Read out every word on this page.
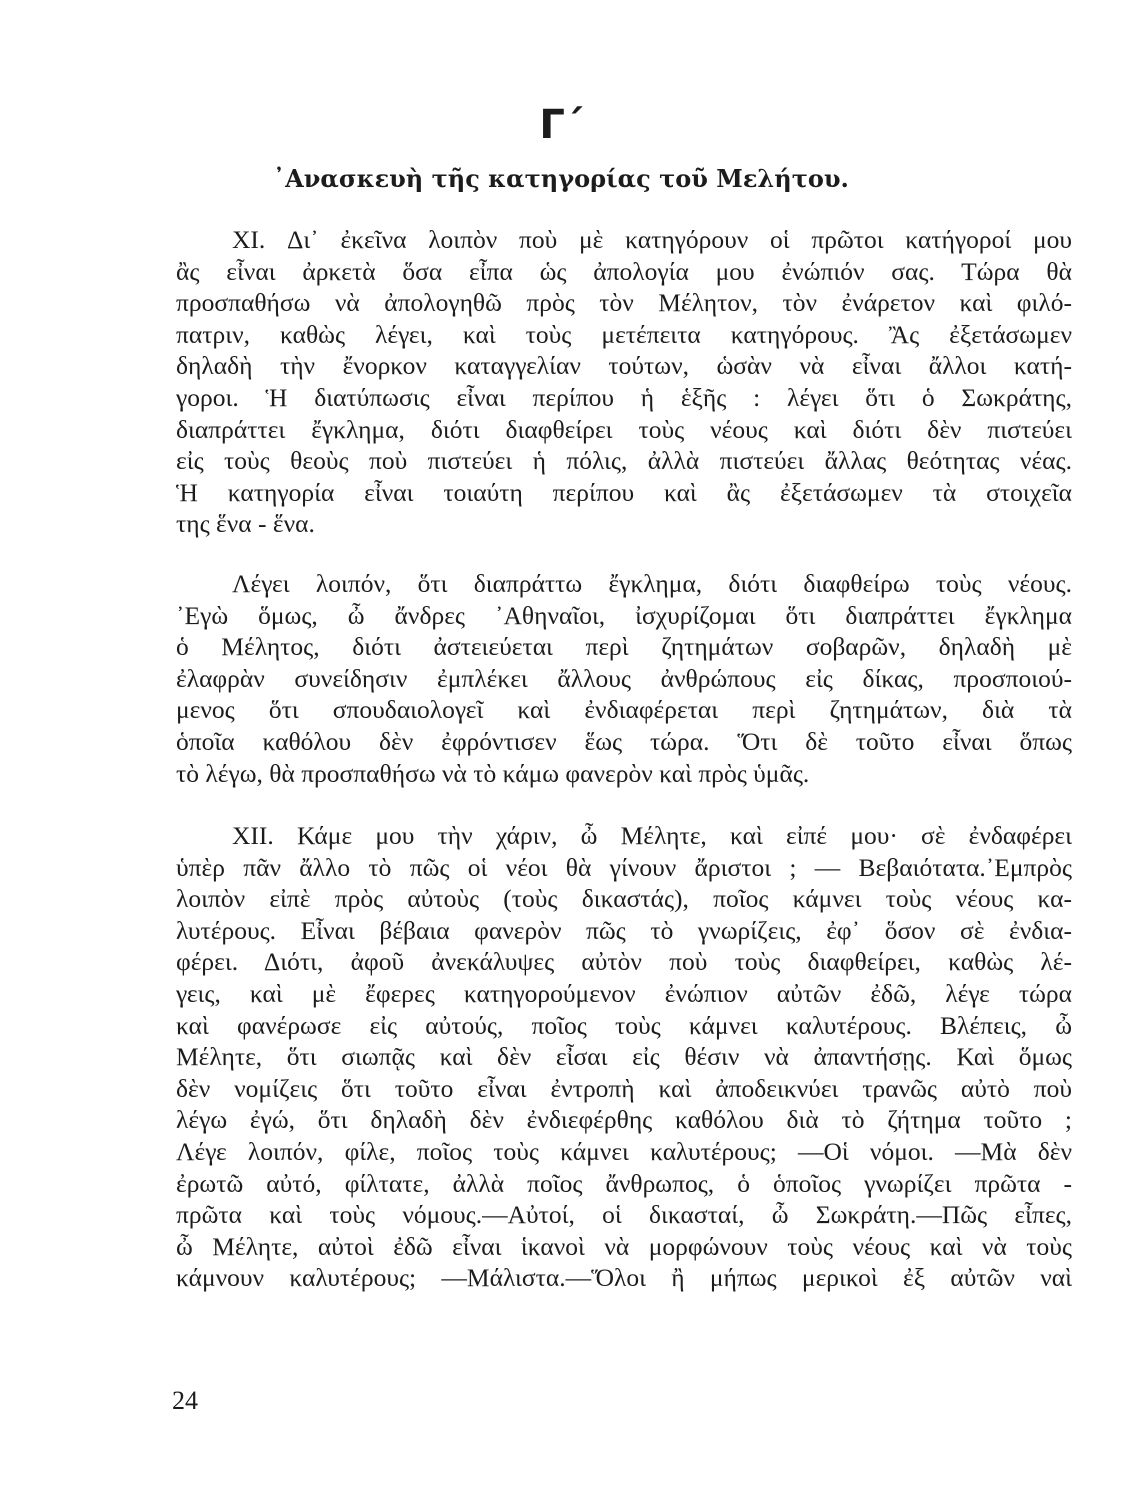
Γ΄
᾿Ανασκευὴ τῆς κατηγορίας τοῦ Μελήτου.
XI. Δι᾿ ἐκεῖνα λοιπὸν ποὺ μὲ κατηγόρουν οἱ πρῶτοι κατήγοροί μου
ἂς εἶναι ἀρκετὰ ὅσα εἶπα ὡς ἀπολογία μου ἐνώπιόν σας. Τώρα θὰ
προσπαθήσω νὰ ἀπολογηθῶ πρὸς τὸν Μέλητον, τὸν ἐνάρετον καὶ φιλό-
πατριν, καθὼς λέγει, καὶ τοὺς μετέπειτα κατηγόρους. Ἂς ἐξετάσωμεν
δηλαδὴ τὴν ἔνορκον καταγγελίαν τούτων, ὡσὰν νὰ εἶναι ἄλλοι κατή-
γοροι. Ἡ διατύπωσις εἶναι περίπου ἡ ἑξῆς : λέγει ὅτι ὁ Σωκράτης,
διαπράττει ἔγκλημα, διότι διαφθείρει τοὺς νέους καὶ διότι δὲν πιστεύει
εἰς τοὺς θεοὺς ποὺ πιστεύει ἡ πόλις, ἀλλὰ πιστεύει ἄλλας θεότητας νέας.
Ἡ κατηγορία εἶναι τοιαύτη περίπου καὶ ἂς ἐξετάσωμεν τὰ στοιχεῖα
της ἕνα - ἕνα.
Λέγει λοιπόν, ὅτι διαπράττω ἔγκλημα, διότι διαφθείρω τοὺς νέους.
᾿Εγὼ ὅμως, ὦ ἄνδρες ᾿Αθηναῖοι, ἰσχυρίζομαι ὅτι διαπράττει ἔγκλημα
ὁ Μέλητος, διότι ἀστειεύεται περὶ ζητημάτων σοβαρῶν, δηλαδὴ μὲ
ἐλαφρὰν συνείδησιν ἐμπλέκει ἄλλους ἀνθρώπους εἰς δίκας, προσποιού-
μενος ὅτι σπουδαιολογεῖ καὶ ἐνδιαφέρεται περὶ ζητημάτων, διὰ τὰ
ὁποῖα καθόλου δὲν ἐφρόντισεν ἕως τώρα. Ὅτι δὲ τοῦτο εἶναι ὅπως
τὸ λέγω, θὰ προσπαθήσω νὰ τὸ κάμω φανερὸν καὶ πρὸς ὑμᾶς.
XII. Κάμε μου τὴν χάριν, ὦ Μέλητε, καὶ εἰπέ μου· σὲ ἐνδαφέρει
ὑπὲρ πᾶν ἄλλο τὸ πῶς οἱ νέοι θὰ γίνουν ἄριστοι ; — Βεβαιότατα.᾿Εμπρὸς
λοιπὸν εἰπὲ πρὸς αὐτοὺς (τοὺς δικαστάς), ποῖος κάμνει τοὺς νέους κα-
λυτέρους. Εἶναι βέβαια φανερὸν πῶς τὸ γνωρίζεις, ἐφ᾿ ὅσον σὲ ἐνδια-
φέρει. Διότι, ἀφοῦ ἀνεκάλυψες αὐτὸν ποὺ τοὺς διαφθείρει, καθὼς λέ-
γεις, καὶ μὲ ἔφερες κατηγορούμενον ἐνώπιον αὐτῶν ἐδῶ, λέγε τώρα
καὶ φανέρωσε εἰς αὐτούς, ποῖος τοὺς κάμνει καλυτέρους. Βλέπεις, ὦ
Μέλητε, ὅτι σιωπᾷς καὶ δὲν εἶσαι εἰς θέσιν νὰ ἀπαντήσῃς. Καὶ ὅμως
δὲν νομίζεις ὅτι τοῦτο εἶναι ἐντροπὴ καὶ ἀποδεικνύει τρανῶς αὐτὸ ποὺ
λέγω ἐγώ, ὅτι δηλαδὴ δὲν ἐνδιεφέρθης καθόλου διὰ τὸ ζήτημα τοῦτο ;
Λέγε λοιπόν, φίλε, ποῖος τοὺς κάμνει καλυτέρους; —Οἱ νόμοι. —Μὰ δὲν
ἐρωτῶ αὐτό, φίλτατε, ἀλλὰ ποῖος ἄνθρωπος, ὁ ὁποῖος γνωρίζει πρῶτα -
πρῶτα καὶ τοὺς νόμους.—Αὐτοί, οἱ δικασταί, ὦ Σωκράτη.—Πῶς εἶπες,
ὦ Μέλητε, αὐτοὶ ἐδῶ εἶναι ἱκανοὶ νὰ μορφώνουν τοὺς νέους καὶ νὰ τοὺς
κάμνουν καλυτέρους; —Μάλιστα.—Ὅλοι ἢ μήπως μερικοὶ ἐξ αὐτῶν ναὶ
24
